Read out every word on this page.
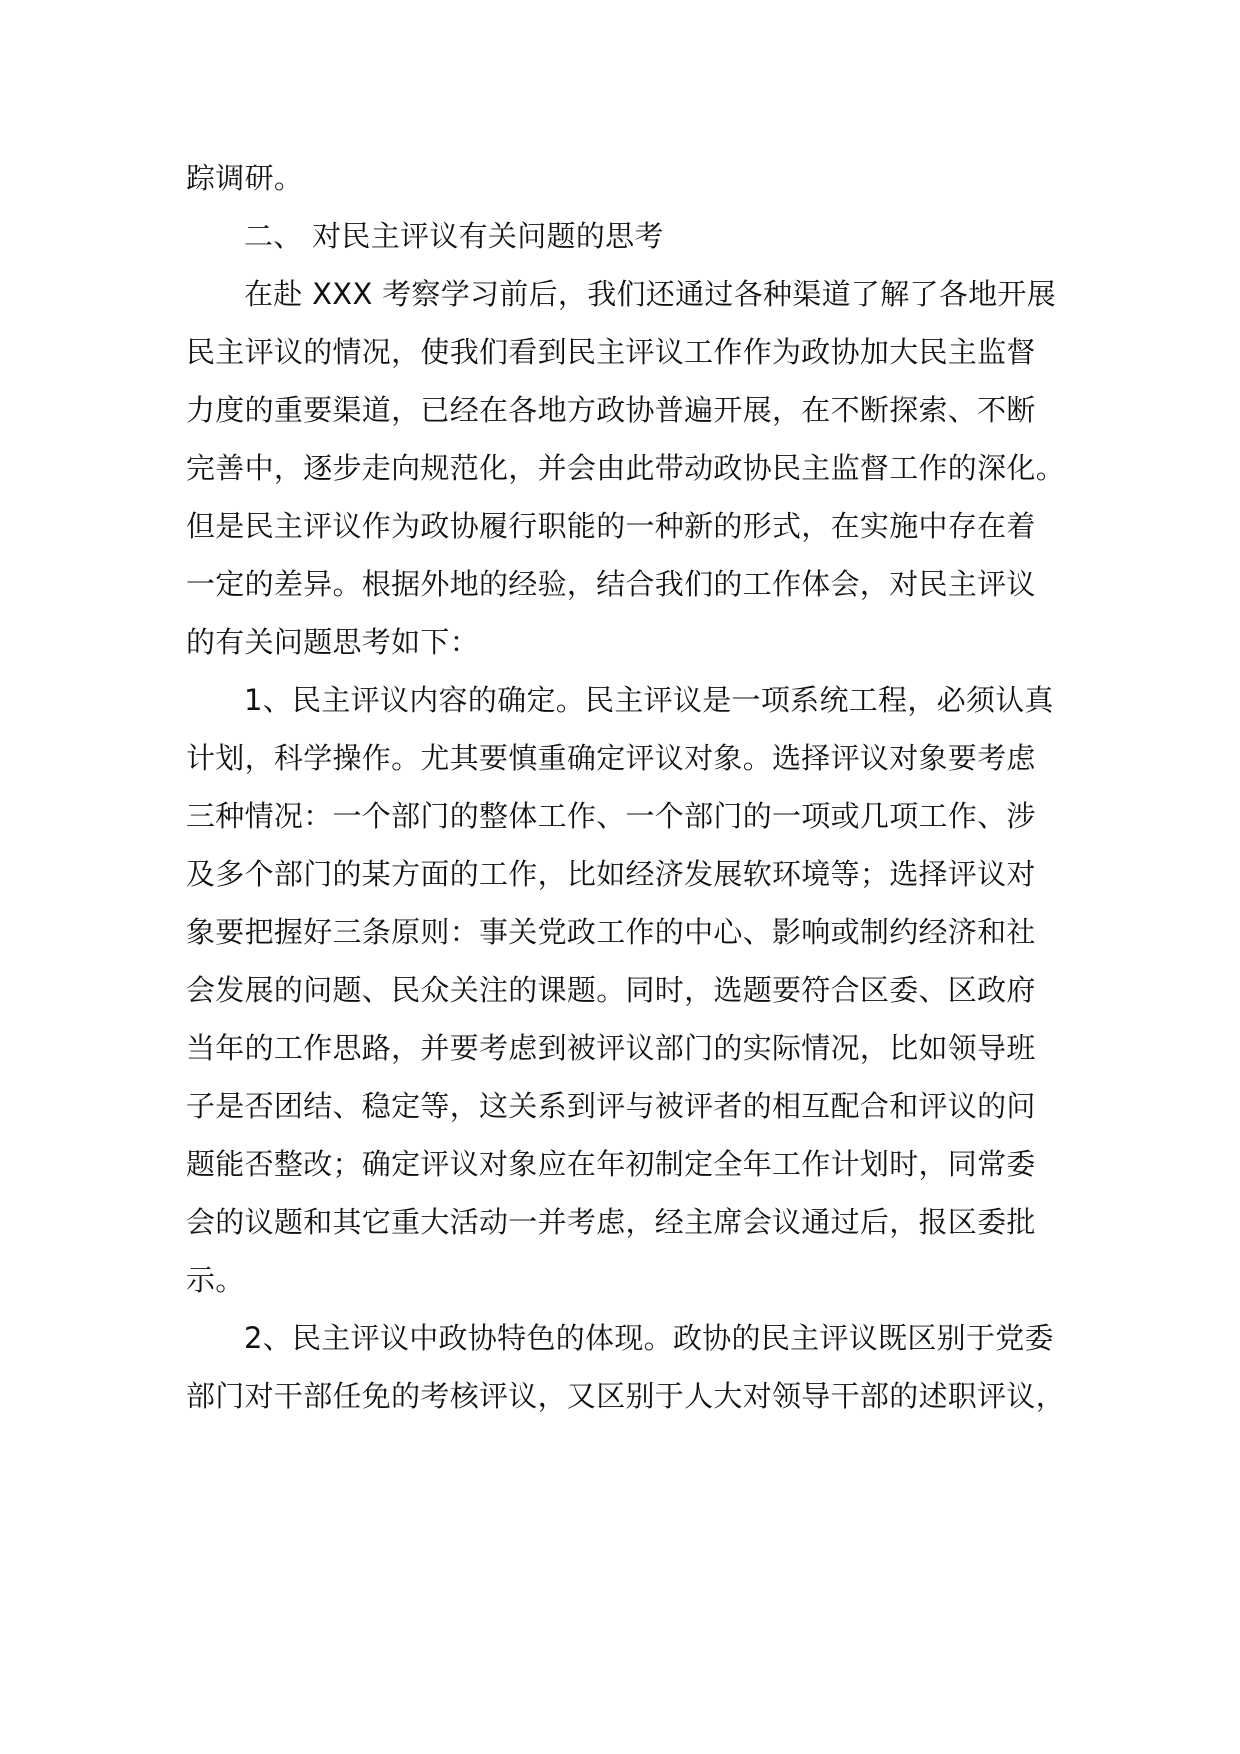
踪调研。
二、 对民主评议有关问题的思考
在赴 XXX 考察学习前后，我们还通过各种渠道了解了各地开展
民主评议的情况，使我们看到民主评议工作作为政协加大民主监督
力度的重要渠道，已经在各地方政协普遍开展，在不断探索、不断
完善中，逐步走向规范化，并会由此带动政协民主监督工作的深化。
但是民主评议作为政协履行职能的一种新的形式，在实施中存在着
一定的差异。根据外地的经验，结合我们的工作体会，对民主评议
的有关问题思考如下：
1、民主评议内容的确定。民主评议是一项系统工程，必须认真
计划，科学操作。尤其要慎重确定评议对象。选择评议对象要考虑
三种情况：一个部门的整体工作、一个部门的一项或几项工作、涉
及多个部门的某方面的工作，比如经济发展软环境等；选择评议对
象要把握好三条原则：事关党政工作的中心、影响或制约经济和社
会发展的问题、民众关注的课题。同时，选题要符合区委、区政府
当年的工作思路，并要考虑到被评议部门的实际情况，比如领导班
子是否团结、稳定等，这关系到评与被评者的相互配合和评议的问
题能否整改；确定评议对象应在年初制定全年工作计划时，同常委
会的议题和其它重大活动一并考虑，经主席会议通过后，报区委批
示。
2、民主评议中政协特色的体现。政协的民主评议既区别于党委
部门对干部任免的考核评议，又区别于人大对领导干部的述职评议，
